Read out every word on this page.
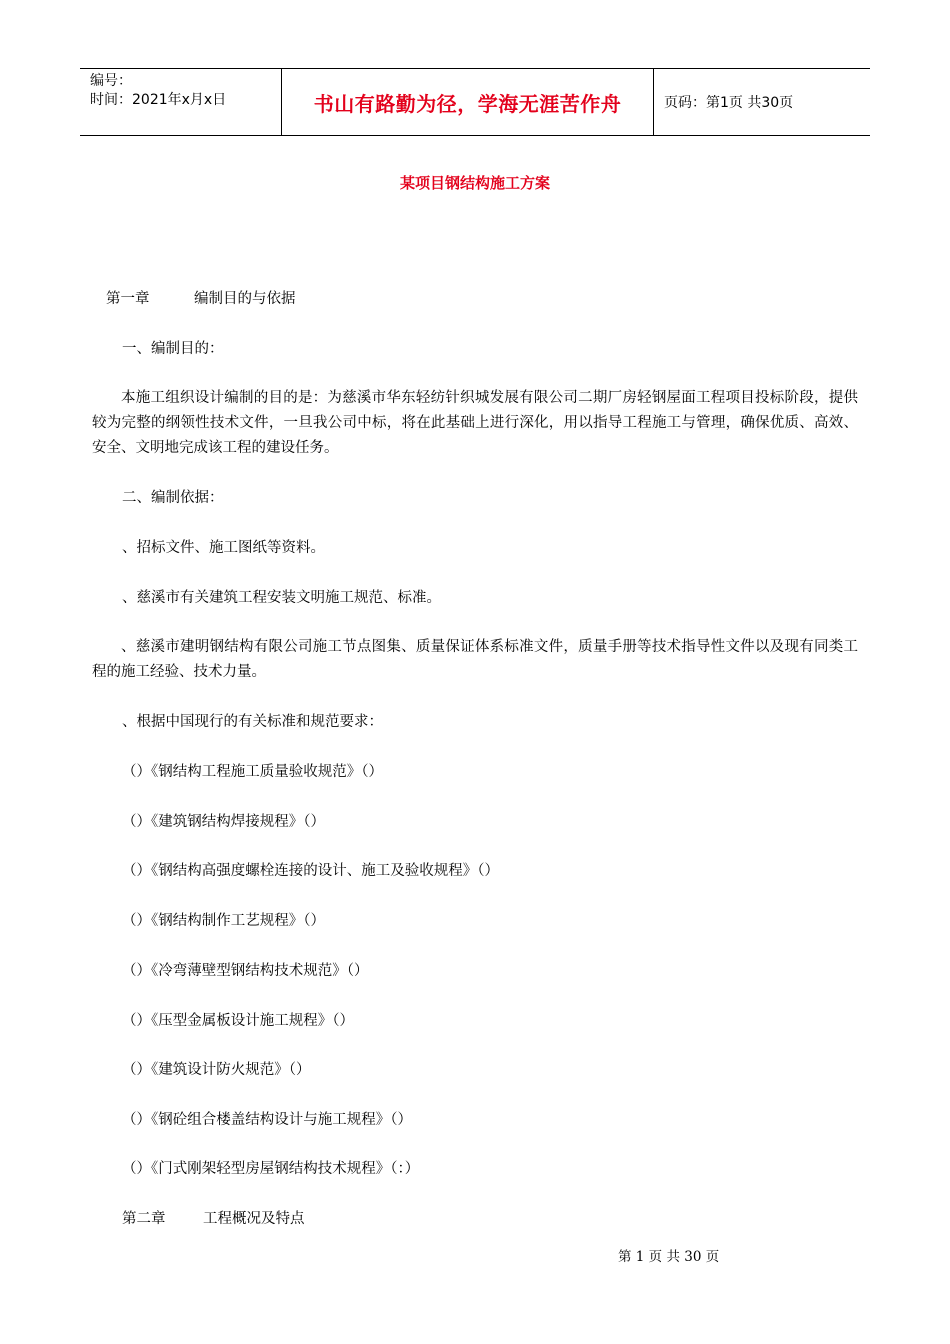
编号：
时间：2021年x月x日	书山有路勤为径，学海无涯苦作舟	页码：第1页 共30页
某项目钢结构施工方案
第一章	编制目的与依据
一、编制目的：
本施工组织设计编制的目的是：为慈溪市华东轻纺针织城发展有限公司二期厂房轻钢屋面工程项目投标阶段，提供较为完整的纲领性技术文件，一旦我公司中标，将在此基础上进行深化，用以指导工程施工与管理，确保优质、高效、安全、文明地完成该工程的建设任务。
二、编制依据：
、招标文件、施工图纸等资料。
、慈溪市有关建筑工程安装文明施工规范、标准。
、慈溪市建明钢结构有限公司施工节点图集、质量保证体系标准文件，质量手册等技术指导性文件以及现有同类工程的施工经验、技术力量。
、根据中国现行的有关标准和规范要求：
（）《钢结构工程施工质量验收规范》（）
（）《建筑钢结构焊接规程》（）
（）《钢结构高强度螺栓连接的设计、施工及验收规程》（）
（）《钢结构制作工艺规程》（）
（）《冷弯薄壁型钢结构技术规范》（）
（）《压型金属板设计施工规程》（）
（）《建筑设计防火规范》（）
（）《钢砼组合楼盖结构设计与施工规程》（）
（）《门式刚架轻型房屋钢结构技术规程》（：）
第二章	工程概况及特点
第 1 页 共 30 页
